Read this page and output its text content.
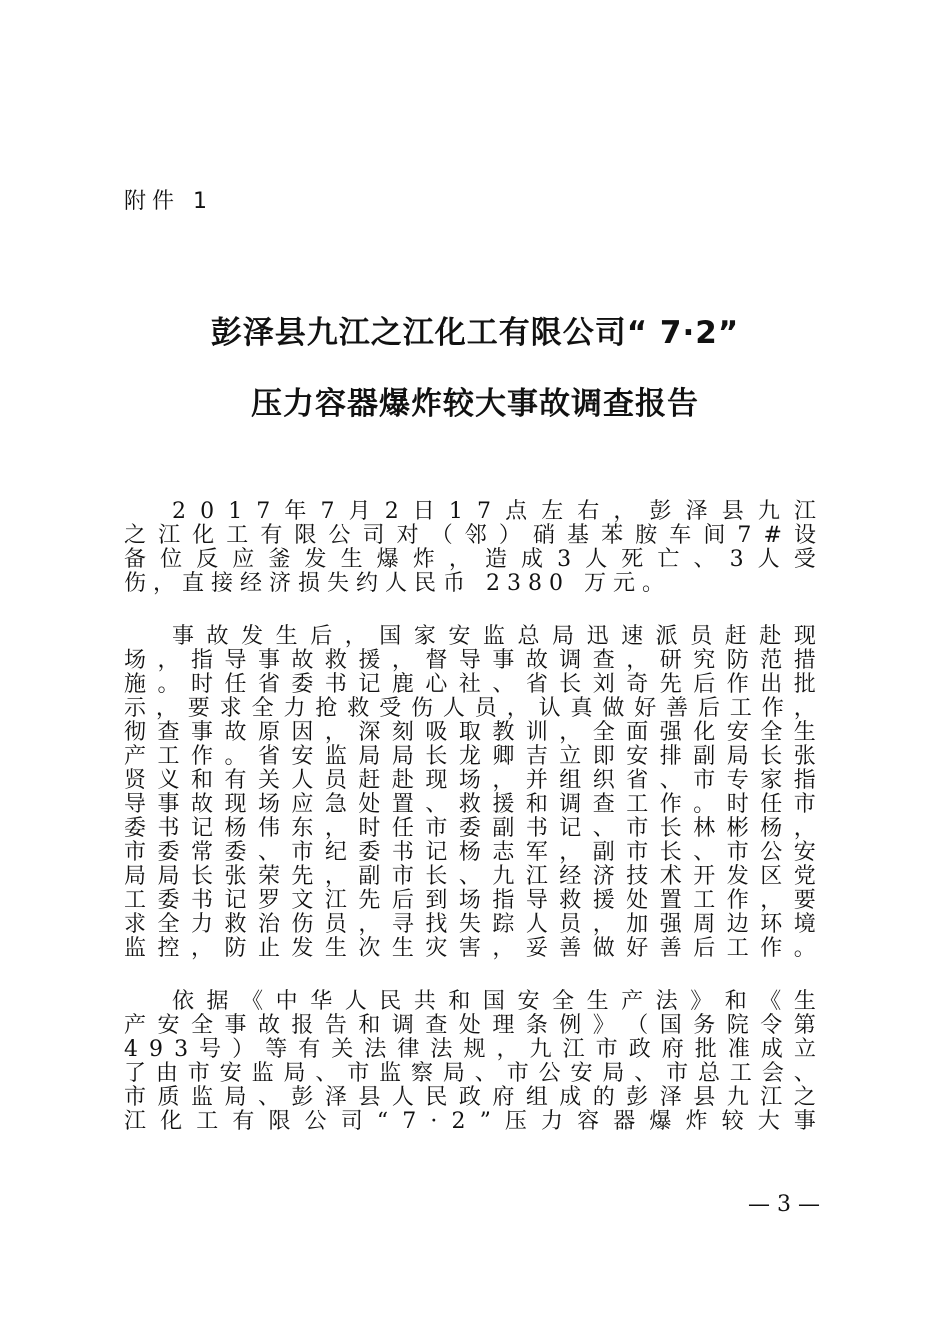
附件 1
彭泽县九江之江化工有限公司“ 7·2”
压力容器爆炸较大事故调查报告
2 0 1 7 年 7 月 2 日 1 7 点 左 右 ， 彭 泽 县 九 江
之 江 化 工 有 限 公 司 对 （ 邻 ） 硝 基 苯 胺 车 间 7 # 设
备 位 反 应 釜 发 生 爆 炸 ， 造 成 3 人 死 亡 、 3 人 受
伤，直接经济损失约人民币 2380 万元。
事 故 发 生 后 ， 国 家 安 监 总 局 迅 速 派 员 赶 赴 现
场 ， 指 导 事 故 救 援 ， 督 导 事 故 调 查 ， 研 究 防 范 措
施 。 时 任 省 委 书 记 鹿 心 社 、 省 长 刘 奇 先 后 作 出 批
示 ， 要 求 全 力 抢 救 受 伤 人 员 ， 认 真 做 好 善 后 工 作 ，
彻 查 事 故 原 因 ， 深 刻 吸 取 教 训 ， 全 面 强 化 安 全 生
产 工 作 。 省 安 监 局 局 长 龙 卿 吉 立 即 安 排 副 局 长 张
贤 义 和 有 关 人 员 赶 赴 现 场 ， 并 组 织 省 、 市 专 家 指
导 事 故 现 场 应 急 处 置 、 救 援 和 调 查 工 作 。 时 任 市
委 书 记 杨 伟 东 ， 时 任 市 委 副 书 记 、 市 长 林 彬 杨 ，
市 委 常 委 、 市 纪 委 书 记 杨 志 军 ， 副 市 长 、 市 公 安
局 局 长 张 荣 先 ， 副 市 长 、 九 江 经 济 技 术 开 发 区 党
工 委 书 记 罗 文 江 先 后 到 场 指 导 救 援 处 置 工 作 ， 要
求 全 力 救 治 伤 员 ， 寻 找 失 踪 人 员 ， 加 强 周 边 环 境
监 控 ， 防 止 发 生 次 生 灾 害 ， 妥 善 做 好 善 后 工 作 。
依 据 《 中 华 人 民 共 和 国 安 全 生 产 法 》 和 《 生
产 安 全 事 故 报 告 和 调 查 处 理 条 例 》 （ 国 务 院 令 第
4 9 3 号 ） 等 有 关 法 律 法 规 ， 九 江 市 政 府 批 准 成 立
了 由 市 安 监 局 、 市 监 察 局 、 市 公 安 局 、 市 总 工 会 、
市 质 监 局 、 彭 泽 县 人 民 政 府 组 成 的 彭 泽 县 九 江 之
江 化 工 有 限 公 司 “ 7 · 2 ” 压 力 容 器 爆 炸 较 大 事
— 3 —
